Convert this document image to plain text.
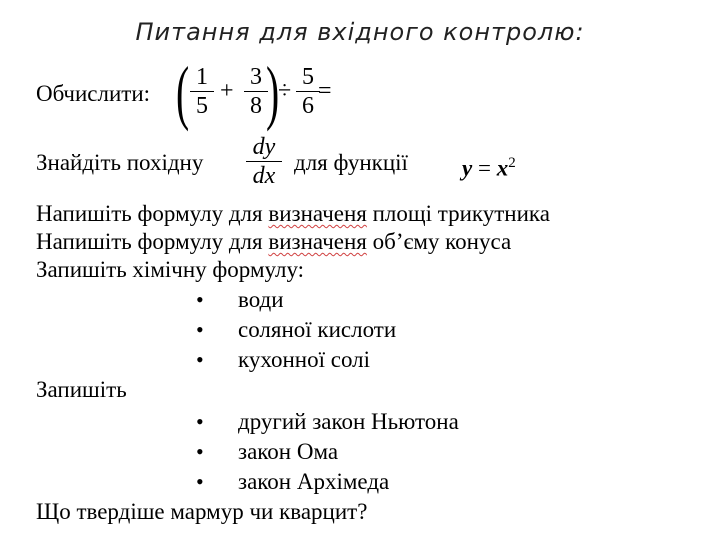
Питання для вхідного контролю:
Обчислити: ( 1
5
+
3
8 )
÷
5
6
=
Знайдіть похідну
dy
dx
для функції $y = x^2$
Напишіть формулу для визначеня площі трикутника
Напишіть формулу для визначеня об’єму конуса
Запишіть хімічну формулу:
• води
• соляної кислоти
• кухонної солі
Запишіть
• другий закон Ньютона
• закон Ома
• закон Архімеда
Що твердіше мармур чи кварцит?
